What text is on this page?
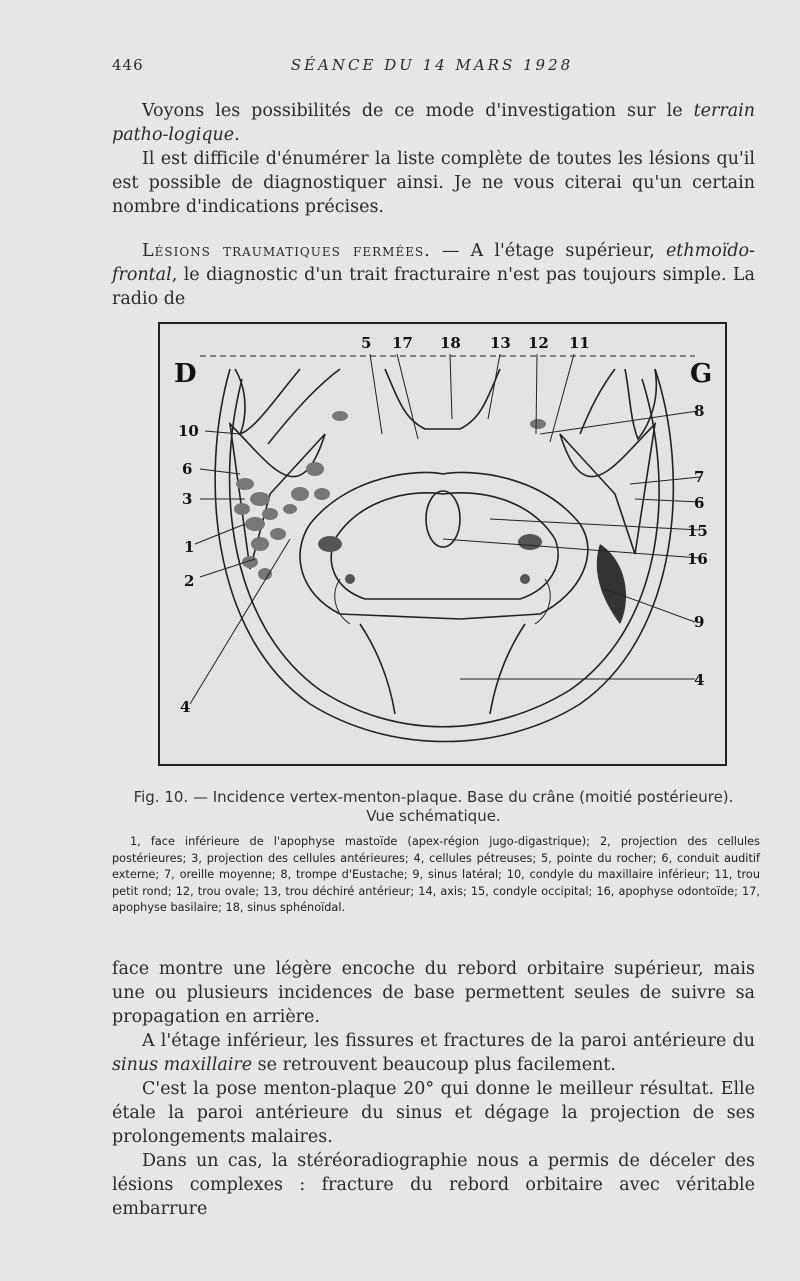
446	SÉANCE DU 14 MARS 1928

Voyons les possibilités de ce mode d'investigation sur le terrain patho-logique.

Il est difficile d'énumérer la liste complète de toutes les lésions qu'il est possible de diagnostiquer ainsi. Je ne vous citerai qu'un certain nombre d'indications précises.

Lésions traumatiques fermées. — A l'étage supérieur, ethmoïdo-frontal, le diagnostic d'un trait fracturaire n'est pas toujours simple. La radio de

D	G
5 17 18 13 12 11
10
6
3
1
2
4
8
7
6
15
16
9
4
Fig. 10. — Incidence vertex-menton-plaque. Base du crâne (moitié postérieure).
Vue schématique.

1, face inférieure de l'apophyse mastoïde (apex-région jugo-digastrique); 2, projection des cellules postérieures; 3, projection des cellules antérieures; 4, cellules pétreuses; 5, pointe du rocher; 6, conduit auditif externe; 7, oreille moyenne; 8, trompe d'Eustache; 9, sinus latéral; 10, condyle du maxillaire inférieur; 11, trou petit rond; 12, trou ovale; 13, trou déchiré antérieur; 14, axis; 15, condyle occipital; 16, apophyse odontoïde; 17, apophyse basilaire; 18, sinus sphénoïdal.

face montre une légère encoche du rebord orbitaire supérieur, mais une ou plusieurs incidences de base permettent seules de suivre sa propagation en arrière.

A l'étage inférieur, les fissures et fractures de la paroi antérieure du sinus maxillaire se retrouvent beaucoup plus facilement.

C'est la pose menton-plaque 20° qui donne le meilleur résultat. Elle étale la paroi antérieure du sinus et dégage la projection de ses prolongements malaires.

Dans un cas, la stéréoradiographie nous a permis de déceler des lésions complexes : fracture du rebord orbitaire avec véritable embarrure
